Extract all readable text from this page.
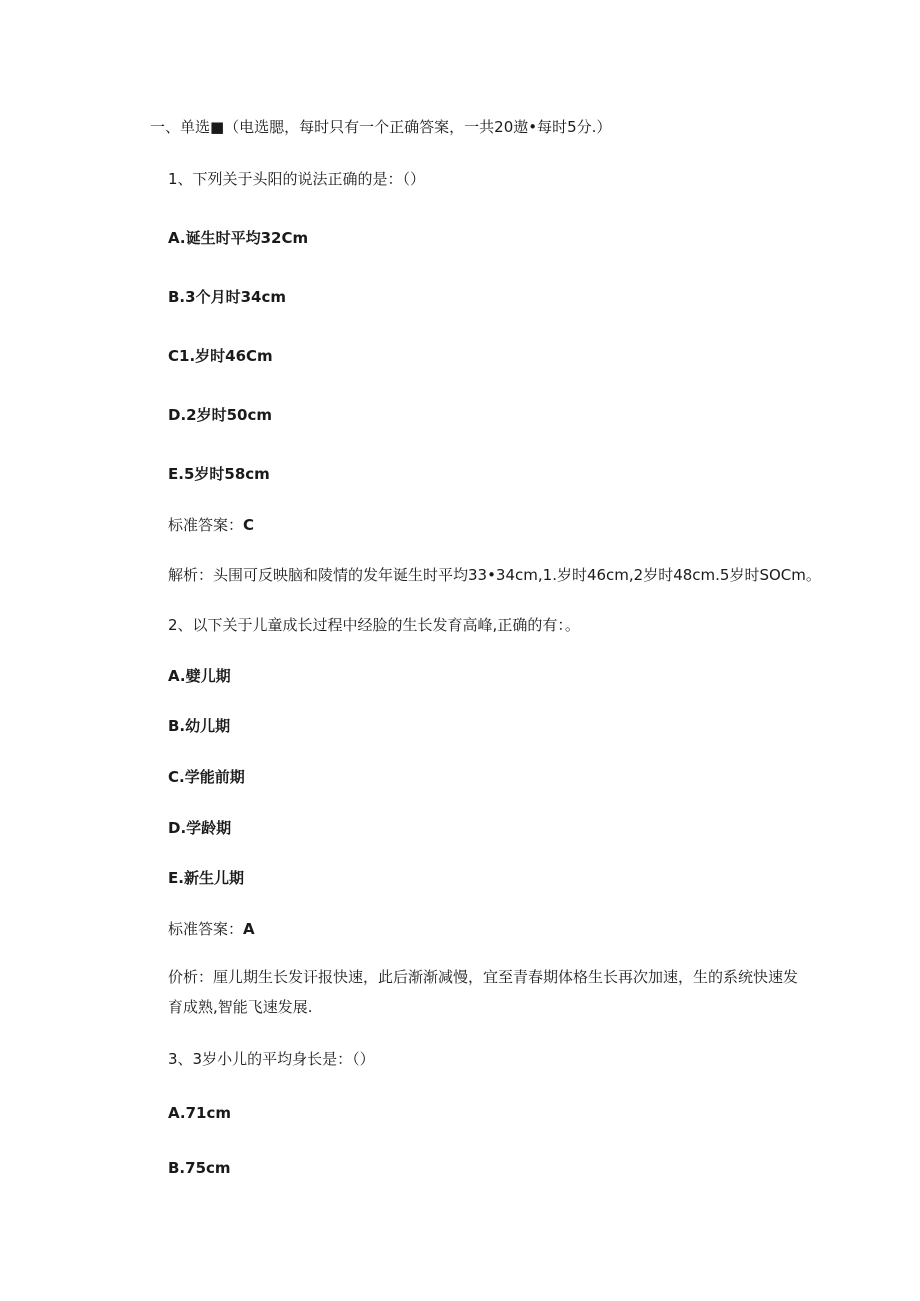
一、单选■（电选腮，每时只有一个正确答案，一共20遨•每时5分.）
1、下列关于头阳的说法正确的是：（）
A.诞生时平均32Cm
B.3个月时34cm
C1.岁时46Cm
D.2岁时50cm
E.5岁时58cm
标准答案：C
解析：头围可反映脑和陵情的发年诞生时平均33•34cm,1.岁时46cm,2岁时48cm.5岁时SOCm。
2、以下关于儿童成长过程中经脸的生长发育高峰,正确的有：。
A.嬖儿期
B.幼儿期
C.学能前期
D.学龄期
E.新生儿期
标准答案：A
价析：厘儿期生长发讦报快速，此后渐渐减慢，宜至青春期体格生长再次加速，生的系统快速发育成熟,智能飞速发展.
3、3岁小儿的平均身长是：（）
A.71cm
B.75cm
